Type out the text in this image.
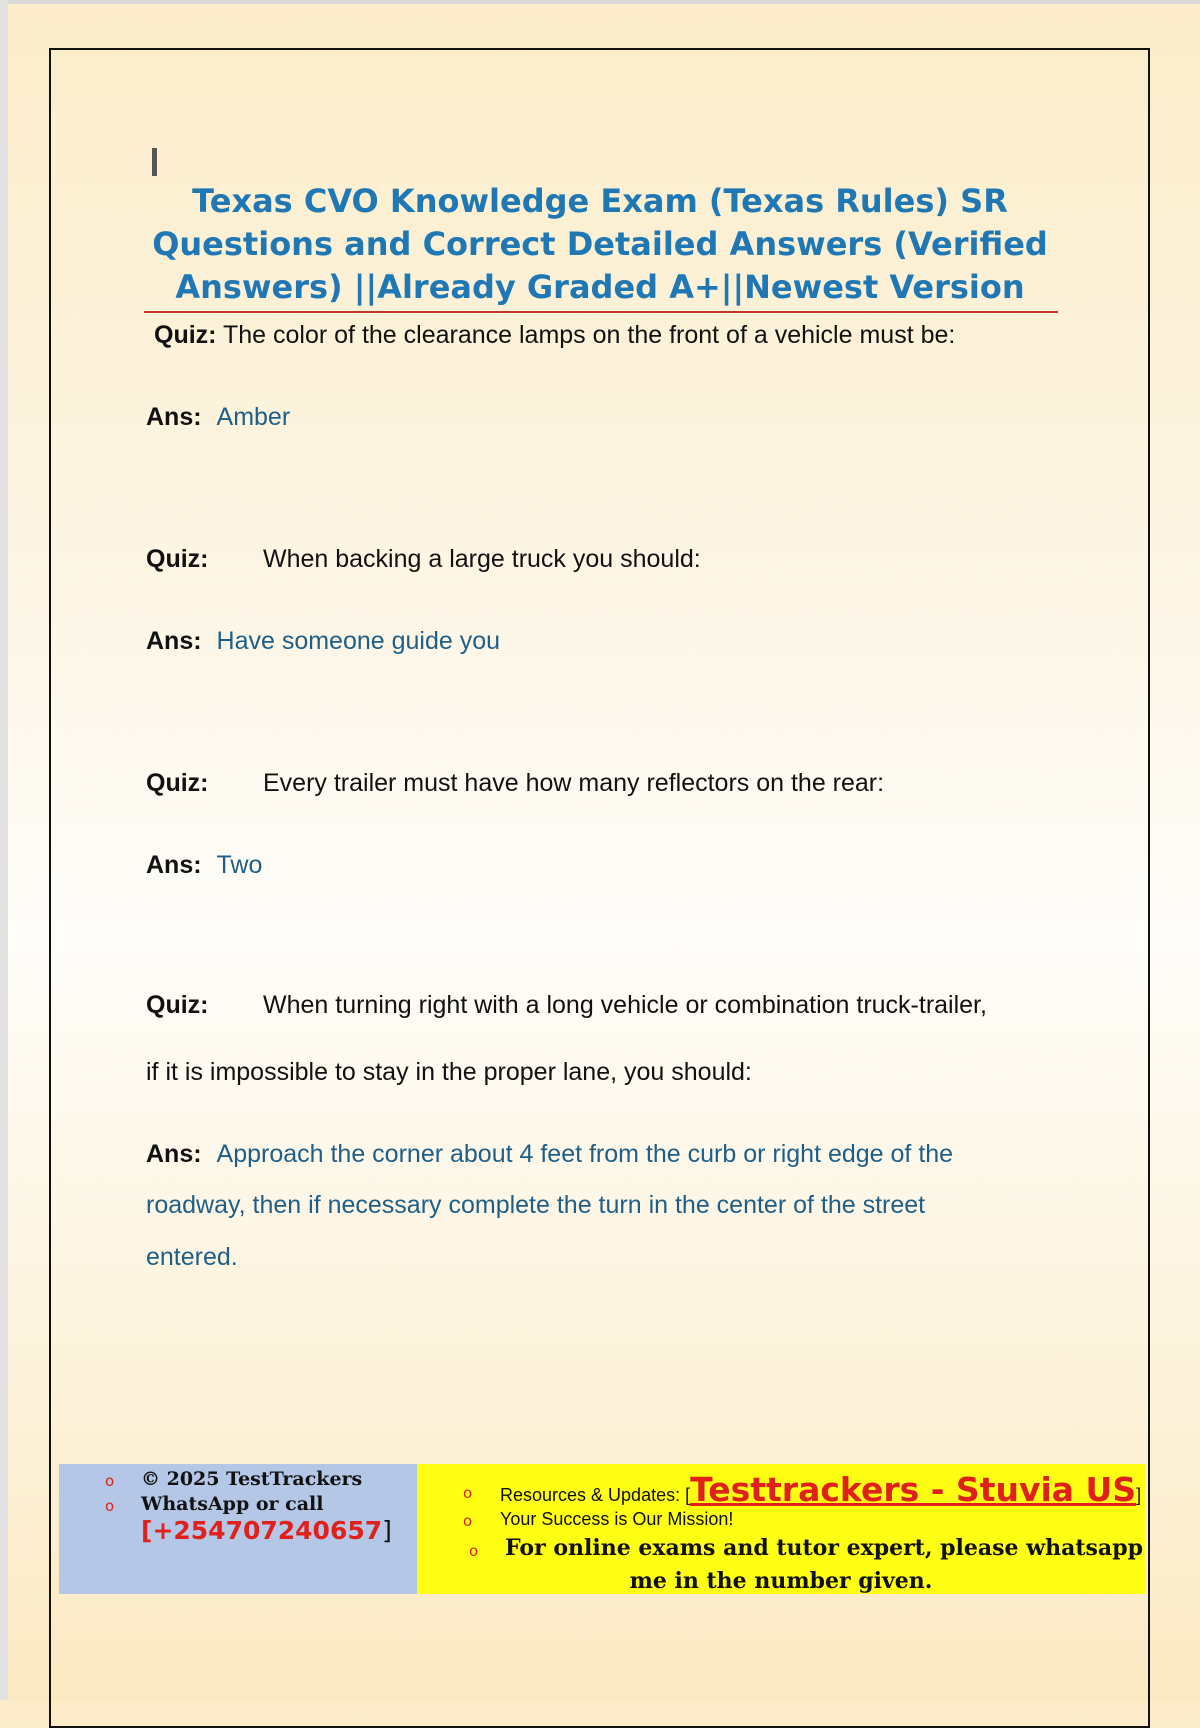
Texas CVO Knowledge Exam (Texas Rules) SR
Questions and Correct Detailed Answers (Verified
Answers) ||Already Graded A+||Newest Version
Quiz: The color of the clearance lamps on the front of a vehicle must be:
Ans: Amber
Quiz: When backing a large truck you should:
Ans: Have someone guide you
Quiz: Every trailer must have how many reflectors on the rear:
Ans: Two
Quiz: When turning right with a long vehicle or combination truck-trailer,
if it is impossible to stay in the proper lane, you should:
Ans: Approach the corner about 4 feet from the curb or right edge of the
roadway, then if necessary complete the turn in the center of the street
entered.
o © 2025 TestTrackers
o WhatsApp or call
[+254707240657]
o Resources & Updates: [Testtrackers - Stuvia US]
o Your Success is Our Mission!
o For online exams and tutor expert, please whatsapp
me in the number given.
